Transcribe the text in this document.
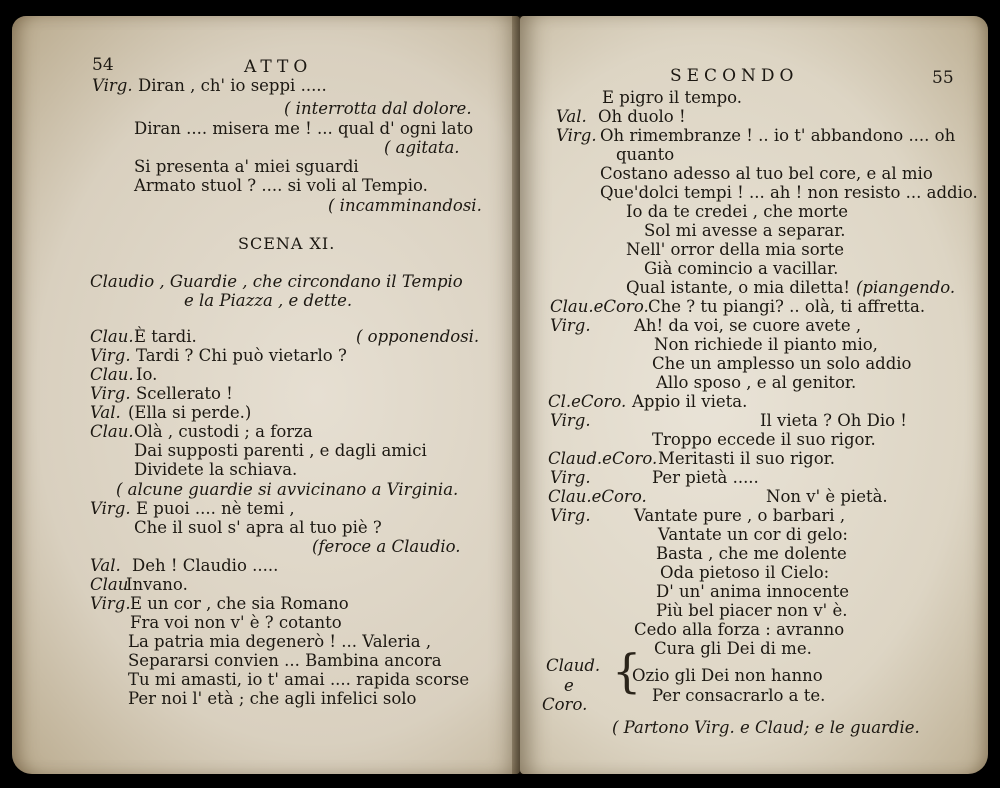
54	ATTO
Virg. Diran , ch' io seppi .....
( interrotta dal dolore.
Diran .... misera me ! ... qual d' ogni lato
( agitata.
Si presenta a' miei sguardi
Armato stuol ? .... si voli al Tempio.
( incamminandosi.
SCENA XI.
Claudio , Guardie , che circondano il Tempio
e la Piazza , e dette.
Clau. È tardi.	( opponendosi.
Virg. Tardi ? Chi può vietarlo ?
Clau. Io.
Virg. Scellerato !
Val. (Ella si perde.)
Clau. Olà , custodi ; a forza
Dai supposti parenti , e dagli amici
Dividete la schiava.
( alcune guardie si avvicinano a Virginia.
Virg. E puoi .... nè temi ,
Che il suol s' apra al tuo piè ?
(feroce a Claudio.
Val. Deh ! Claudio .....
Clau
Invano.
Virg. E un cor , che sia Romano
Fra voi non v' è ? cotanto
La patria mia degenerò ! ... Valeria ,
Separarsi convien ... Bambina ancora
Tu mi amasti, io t' amai .... rapida scorse
Per noi l' età ; che agli infelici solo
SECONDO	55
E pigro il tempo.
Val. Oh duolo !
Virg. Oh rimembranze ! .. io t' abbandono .... oh
quanto
Costano adesso al tuo bel core, e al mio
Que'dolci tempi ! ... ah ! non resisto ... addio.
Io da te credei , che morte
Sol mi avesse a separar.
Nell' orror della mia sorte
Già comincio a vacillar.
Qual istante, o mia diletta! (piangendo.
Clau.eCoro. Che ? tu piangi? .. olà, ti affretta.
Virg.	Ah! da voi, se cuore avete ,
Non richiede il pianto mio,
Che un amplesso un solo addio
Allo sposo , e al genitor.
Cl.eCoro. Appio il vieta.
Virg.	Il vieta ? Oh Dio !
Troppo eccede il suo rigor.
Claud.eCoro. Meritasti il suo rigor.
Virg.	Per pietà .....
Clau.eCoro.	Non v' è pietà.
Virg.	Vantate pure , o barbari ,
Vantate un cor di gelo:
Basta , che me dolente
Oda pietoso il Cielo:
D' un' anima innocente
Più bel piacer non v' è.
Cedo alla forza : avranno
Cura gli Dei di me.
Claud.
e
Coro.
{
Ozio gli Dei non hanno
Per consacrarlo a te.
( Partono Virg. e Claud; e le guardie.
